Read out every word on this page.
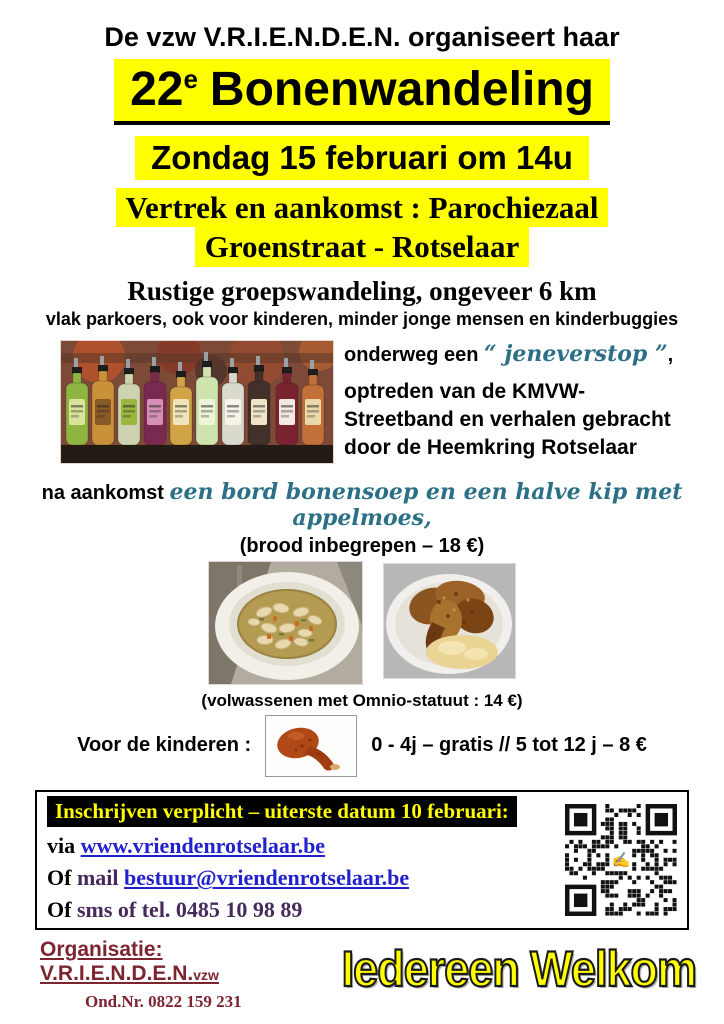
De vzw V.R.I.E.N.D.E.N. organiseert haar

22e Bonenwandeling
Zondag 15 februari om 14u
Vertrek en aankomst : Parochiezaal
Groenstraat - Rotselaar

Rustige groepswandeling, ongeveer 6 km

vlak parkoers, ook voor kinderen, minder jonge mensen en kinderbuggies

onderweg een “ jeneverstop ”,

optreden van de KMVW-
Streetband en verhalen gebracht
door de Heemkring Rotselaar

na aankomst een bord bonensoep en een halve kip met appelmoes,

(brood inbegrepen – 18 €)

(volwassenen met Omnio-statuut : 14 €)

Voor de kinderen :	0 - 4j – gratis // 5 tot 12 j – 8 €

Inschrijven verplicht – uiterste datum 10 februari:

via www.vriendenrotselaar.be

Of mail bestuur@vriendenrotselaar.be

Of sms of tel. 0485 10 98 89

✍

Organisatie: V.R.I.E.N.D.E.N.vzw

Ond.Nr. 0822 159 231

Iedereen Welkom
